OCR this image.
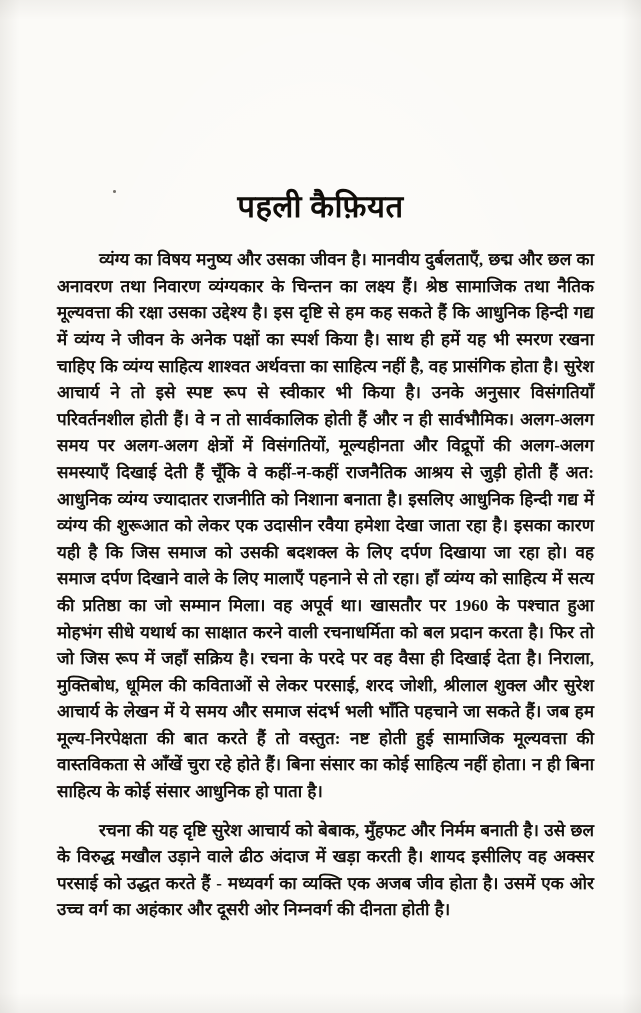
पहली कैफ़ियत

व्यंग्य का विषय मनुष्य और उसका जीवन है। मानवीय दुर्बलताएँ, छद्म और छल का अनावरण तथा निवारण व्यंग्यकार के चिन्तन का लक्ष्य हैं। श्रेष्ठ सामाजिक तथा नैतिक मूल्यवत्ता की रक्षा उसका उद्देश्य है। इस दृष्टि से हम कह सकते हैं कि आधुनिक हिन्दी गद्य में व्यंग्य ने जीवन के अनेक पक्षों का स्पर्श किया है। साथ ही हमें यह भी स्मरण रखना चाहिए कि व्यंग्य साहित्य शाश्वत अर्थवत्ता का साहित्य नहीं है, वह प्रासंगिक होता है। सुरेश आचार्य ने तो इसे स्पष्ट रूप से स्वीकार भी किया है। उनके अनुसार विसंगतियाँ परिवर्तनशील होती हैं। वे न तो सार्वकालिक होती हैं और न ही सार्वभौमिक। अलग-अलग समय पर अलग-अलग क्षेत्रों में विसंगतियों, मूल्यहीनता और विद्रूपों की अलग-अलग समस्याएँ दिखाई देती हैं चूँकि वे कहीं-न-कहीं राजनैतिक आश्रय से जुड़ी होती हैं अत: आधुनिक व्यंग्य ज्यादातर राजनीति को निशाना बनाता है। इसलिए आधुनिक हिन्दी गद्य में व्यंग्य की शुरूआत को लेकर एक उदासीन रवैया हमेशा देखा जाता रहा है। इसका कारण यही है कि जिस समाज को उसकी बदशक्ल के लिए दर्पण दिखाया जा रहा हो। वह समाज दर्पण दिखाने वाले के लिए मालाएँ पहनाने से तो रहा। हाँ व्यंग्य को साहित्य में सत्य की प्रतिष्ठा का जो सम्मान मिला। वह अपूर्व था। खासतौर पर 1960 के पश्चात हुआ मोहभंग सीधे यथार्थ का साक्षात करने वाली रचनाधर्मिता को बल प्रदान करता है। फिर तो जो जिस रूप में जहाँ सक्रिय है। रचना के परदे पर वह वैसा ही दिखाई देता है। निराला, मुक्तिबोध, धूमिल की कविताओं से लेकर परसाई, शरद जोशी, श्रीलाल शुक्ल और सुरेश आचार्य के लेखन में ये समय और समाज संदर्भ भली भाँति पहचाने जा सकते हैं। जब हम मूल्य-निरपेक्षता की बात करते हैं तो वस्तुत: नष्ट होती हुई सामाजिक मूल्यवत्ता की वास्तविकता से आँखें चुरा रहे होते हैं। बिना संसार का कोई साहित्य नहीं होता। न ही बिना साहित्य के कोई संसार आधुनिक हो पाता है।

रचना की यह दृष्टि सुरेश आचार्य को बेबाक, मुँहफट और निर्मम बनाती है। उसे छल के विरुद्ध मखौल उड़ाने वाले ढीठ अंदाज में खड़ा करती है। शायद इसीलिए वह अक्सर परसाई को उद्धत करते हैं - मध्यवर्ग का व्यक्ति एक अजब जीव होता है। उसमें एक ओर उच्च वर्ग का अहंकार और दूसरी ओर निम्नवर्ग की दीनता होती है।
